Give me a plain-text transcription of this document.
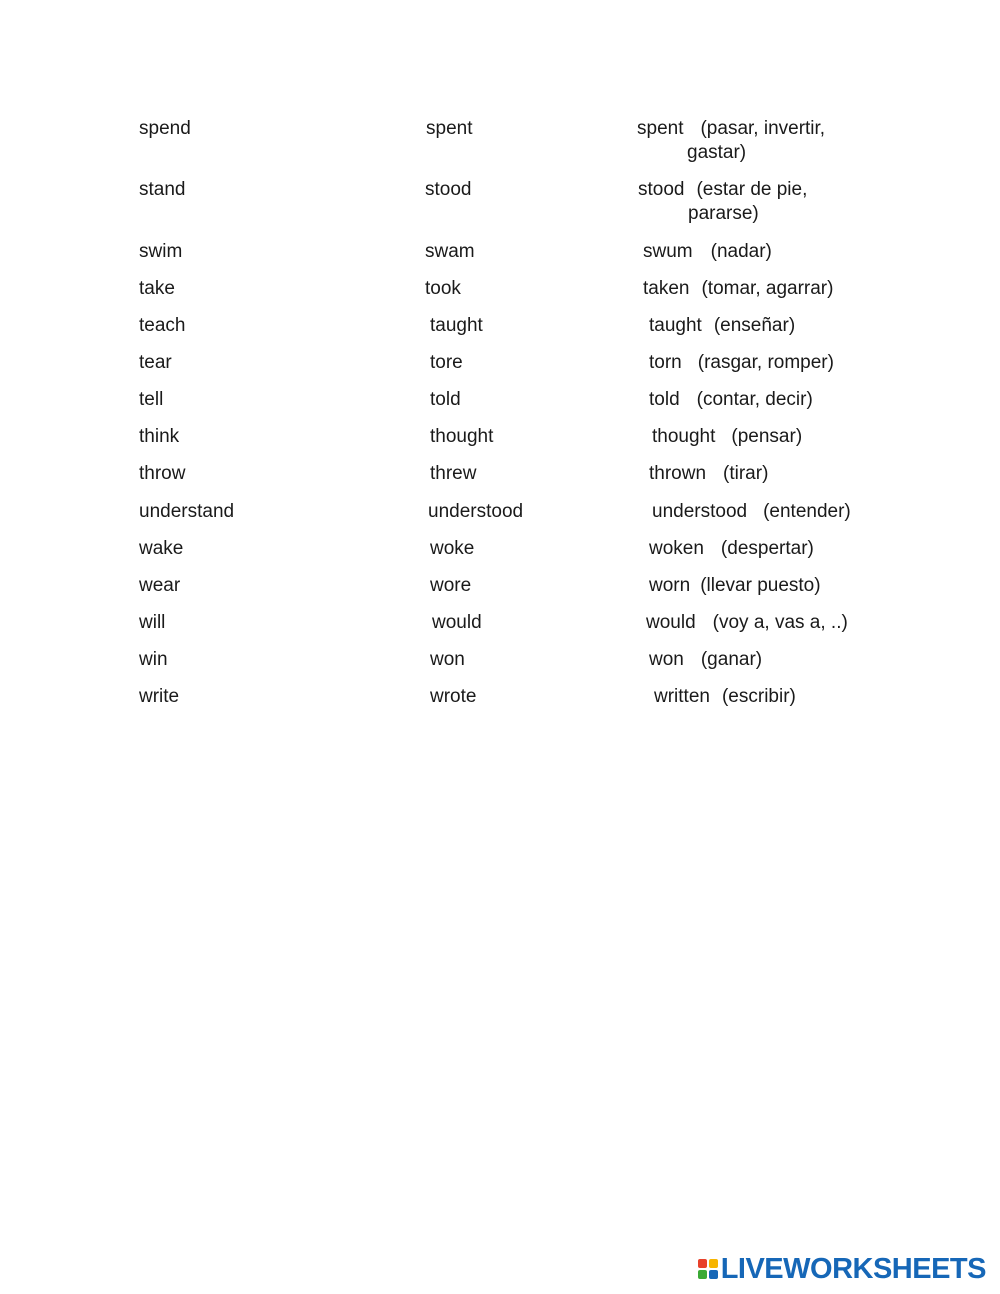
spend	spent	spent (pasar, invertir,
gastar)
stand	stood	stood (estar de pie,
pararse)
swim	swam	swum (nadar)
take	took	taken (tomar, agarrar)
teach	taught	taught (enseñar)
tear	tore	torn (rasgar, romper)
tell	told	told (contar, decir)
think	thought	thought (pensar)
throw	threw	thrown (tirar)
understand	understood	understood (entender)
wake	woke	woken (despertar)
wear	wore	worn (llevar puesto)
will	would	would (voy a, vas a, ..)
win	won	won (ganar)
write	wrote	written (escribir)
LIVEWORKSHEETS
